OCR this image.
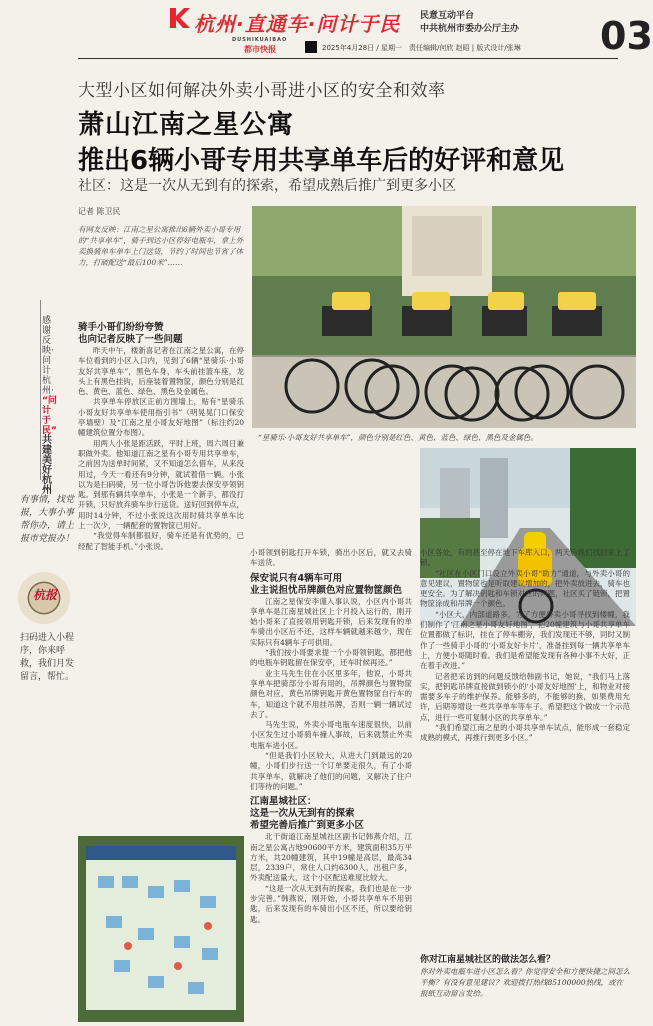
杭州·直通车·问计于民
DUSHIKUAIBAO
都市快报
民意互动平台
中共杭州市委办公厅主办
2025年4月28日 / 星期一　责任编辑/何欣 赵昭 | 版式设计/张琳 03
大型小区如何解决外卖小哥进小区的安全和效率
萧山江南之星公寓
推出6辆小哥专用共享单车后的好评和意见
社区：这是一次从无到有的探索，希望成熟后推广到更多小区
感谢反映·问计杭州·
“问计于民”
共建美好杭州
有事情，找党报，大事小事帮你办，请上报市党报办！
杭报
扫码进入小程序，你来呼救，我们月发留言，帮忙。
记者 陈卫民
有网友反映：江南之星公寓推出6辆外卖小哥专用的“共享单车”，骑手到达小区停好电瓶车，拿上外卖换骑单车单车上门送货，节约了时间也节省了体力，打破配送“最后100米”……
“星骑乐·小哥友好共享单车”，颜色分别是红色、黄色、蓝色、绿色、黑色及金属色。
骑手小哥们纷纷夸赞
也向记者反映了一些问题

昨天中午，楼新喜记者在江南之星公寓，在停车位看到的小区入口内，见到了6辆“星骑乐·小哥友好共享单车”，黑色车身，车头前挂篮车座，龙头上有黑色挂钩，后座装着置物筐，颜色分别是红色、黄色、蓝色、绿色、黑色及金属色。

共享单车停放区正前方围墙上，贴有“星骑乐小哥友好共享单车使用指引书”（明晃晃门口保安亭墙壁）及“江南之星小哥友好地图”（标注约20幢建筑位置分布图）。

用两人小张是距活跃，平时上班，周六周日兼职做外卖。他知道江南之星有小哥专用共享单车，之前因为送单时间紧，又不知道怎么借车，从来没用过，今天一看还有9分钟，就试着借一辆。小张以为是扫码骑，另一位小哥告诉他要去保安亭领钥匙。到那有辆共享单车，小张是一个新手，都没打开锁，只好放弃骑车步行送货。送好回到停车点，用时14分钟，不过小张说这次用时骑共享单车比上一次少，一辆配套的置物筐已用好。

“我觉得车制都很好，骑车还是有优势的，已经配了智能手机。”小张说。

小哥领到钥匙打开车锁，骑出小区后，就又去骑车送货。

保安说只有4辆车可用
业主说担忧吊牌颜色对应置物筐颜色

江南之星保安李谨入事认说，小区内小哥共享单车是江南星城社区上个月投入运行的，刚开始小哥来了直接领用钥匙开锁，后来发现有的单车骑出小区后不还，这样车辆就越来越少，现在实际只有4辆车子可供用。

“我们按小哥要求提一个小哥领钥匙，都把他的电瓶车钥匙留在保安亭，还车时候再还。”

业主马先生住在小区里多年，他说，小哥共享单车把骑部分小哥有用的，吊牌颜色与置物筐颜色对应，黄色吊牌钥匙开黄色置物筐自行车的车，知道这个就不用挂吊牌，否则一辆一辆试过去了。

马先生说，外卖小哥电瓶车速度很快，以前小区发生过小哥骑车撞人事故，后来就禁止外卖电瓶车进小区。

“但是我们小区较大，从进大门到最远的20幢，小哥们步行送一个订单要走很久，有了小哥共享单车，就解决了他们的问题，又解决了住户们等待的问题。”

江南星城社区：
这是一次从无到有的探索
希望完善后推广到更多小区

北干街道江南星城社区副书记韩燕介绍，江南之星公寓占地90600平方米，建筑面积35万平方米，共20幢建筑，其中19幢是高层，最高34层，2339户，常住人口约6300人，出租户多，外卖配送量大，这个小区配送难度比较大。

“这是一次从无到有的探索，我们也是在一步步完善。”韩燕说，刚开始，小哥共享单车不用钥匙，后来发现有的车骑出小区不还，所以要给钥匙。

小区各处，有的甚至停在地下车库入口，两天后我们找回来上了锁。

“社区在小区门口设立外卖小哥“助力”通道，与外卖小哥的意见建议，置物筐也是听取建议增加的，把外卖放进去，骑车也更安全。为了解决钥匙和车锁对应的问题，社区买了链锁，把置物筐涂成和吊牌一个颜色。

“小区大，内部道路多，为了方便外卖小哥寻找到楼幢，我们制作了‘江南之星小哥友好地图’，把20幢建筑与小哥共享单车位置都做了标识，挂在了停车棚旁，我们发现还不够，同时又制作了一些骑手小哥的‘小哥友好卡片’，准备挂到每一辆共享单车上，方便小哥随时看。我们是希望能发现有各种小事不大好，正在着手改进。”

记者把采访到的问题反馈给韩副书记，她说，“我们马上落实，把钥匙吊牌直接做到锁小的‘小哥友好地图’上，和物业对接需要多车子的维护保养。能够多的，不能够的换，如果费用允许，后期等增设一些共享单车等车子。希望把这个做成一个示范点，进行一些可复制小区的共享单车。”

“我们希望江南之星的小哥共享单车试点，能形成一套稳定成熟的模式，再推行到更多小区。”

你对江南星城社区的做法怎么看？
你对外卖电瓶车进小区怎么看？你觉得安全和方便快捷之间怎么平衡？有没有意见建议？欢迎拨打热线85100000热线，或在报纸互动留言发给。
